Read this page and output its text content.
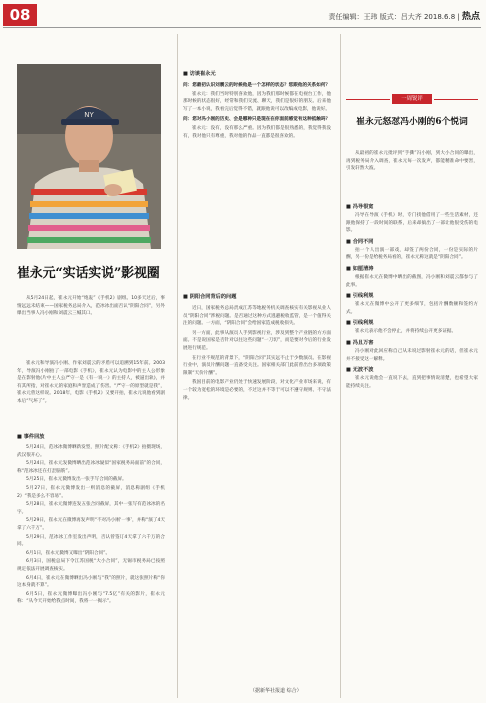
08	责任编辑：王玮 版式：吕大齐 2018.6.8 | 热点
NY
崔永元“实话实说”影视圈
从5月24日起，崔永元开始“炮轰”《手机2》剧组。10多天过后，事情远远未结束——国家税务总局介入，范冰冰出面否认“阴阳合同”，另外爆出当事人冯小刚和刘震云三缄其口。
崔永元和导演冯小刚、作家刘震云的矛盾可以追溯到15年前。2003年，导演冯小刚拍了一部电影《手机》，崔永元认为电影中的主人公形象是在影射他(片中主人公严守一是《有一说一》的主持人，被逼出轨)，并有其所指，对崔永元的家庭和声誉造成了伤害。“严守一的原型就是我”，崔永元曾这样说。2018年，电影《手机2》又要开拍，崔永元说他看到剧本后“气坏了”。
■ 事件回放
5月24日，范冰冰微博晒新发型，照片配文称：《手机2》拍摄现场，武汉很开心。
5月24日，崔永元发微博晒出范冰冰疑似“国家税务局面前”的合同，称“范冰冰还在打歪脑筋”。
5月25日，崔永元微博发出一张手写合同的截屏。
5月27日，崔永元微博发出一则消息的截屏，消息称剧组《手机2》“我是多么不容易”。
5月28日，崔永元微博连发五张合同截屏，其中一张写有范冰冰的名字。
5月29日，崔永元在微博再发声明“不对冯小刚‘一事’，并称“演了4天拿了六千万”。
5月29日，范冰冰工作室发出声明，否认曾签订4天拿了六千万的合同。
6月1日，崔永元微博又曝出“阴阳合同”。
6月3日，国税总局下令江苏国税“大小合同”，无锡市税务局已按照规定依法开展调查核实。
6月4日，崔永元在微博晒出冯小刚与“我”的照片，就这张照片称“你这本身就不算”。
6月5日，崔永元微博曝出冯小刚与“7.5亿”有关的影片，崔永元称：“从今天开始给我点时间，我将一一揭示”。
■ 访谈崔永元
问：您最初认识刘震云的时候他是一个怎样的状态？您跟他的关系如何？
崔永元：我们当时特别喜欢他，因为我们那时候都在电视台工作，他那时候的状态很好，经常和我们交流、聊天，我们是很好的朋友。后来他写了一本小说，我看完后觉得不错，就跟他说可以改编成电影，他说好。
问：您对冯小刚的历史、会是哪种只是现在在你面前感觉有这种抵触吗？
崔永元：没有，没有那么严重。因为我们都是很熟悉的，我觉得我没有，我对他只有尊重，我对他的作品一直都是很喜欢的。
■ 阴阳合同背后的问题
近日，国家税务总局责成江苏等地税务机关调查核实有关影视从业人员“阴阳合同”涉税问题。是否通过这种方式逃避税收监管，是一个值得关注的问题。一方面，“阴阳合同”会给国家造成税收损失。
另一方面，此事从演员人手到影视行业，涉及到整个产业链的方方面面。不是说国家是否针对以往这些问题“一刀切”，而是要对今后的行业发展进行规范。
在行业不规范的背景下，“阴阳合同”其实远不止于少数演员。在影视行业中，演员片酬问题一直备受关注。国家相关部门此前曾出台多项政策限制“天价片酬”。
我国目前的电影产业仍处于快速发展阶段，对文化产业市场来说，有一个较为宽松的环境是必要的，不过这并不等于可以不遵守规则、不守法律。
（据新华社报道 综合）
一周锐评
崔永元怒怼冯小刚的6个悦词
从最初的崔永元批评到“手撕”冯小刚，到大小合同的曝出，再到税务局介入调查，崔永元每一次发声，都能精准命中要害，引发轩然大波。
■ 冯导很宽
冯导在导演《手机》时，专门找他借用了一些生活素材，还跟他保持了一段时间的联系，后来却搞出了一部让他很受伤的电影。
■ 合同不同
拍一个人出演一部戏，却签了两份合同，一份是实际的片酬，另一份是给税务局看的，崔永元称这就是“阴阳合同”。
■ 如厘清涛
根据崔永元在微博中晒出的截图，冯小刚和刘震云都参与了此事。
■ 引线利规
崔永元在微博中公开了更多细节，包括片酬数额和签约方式。
■ 引线利规
崔永元表示他不会停止，并将持续公开更多证据。
■ 冯且万害
冯小刚对此回应称自己从未说过影射崔永元的话，但崔永元并不接受这一解释。
■ 无波不波
崔永元说他会一直说下去，直到把事情说清楚，也希望大家能持续关注。
